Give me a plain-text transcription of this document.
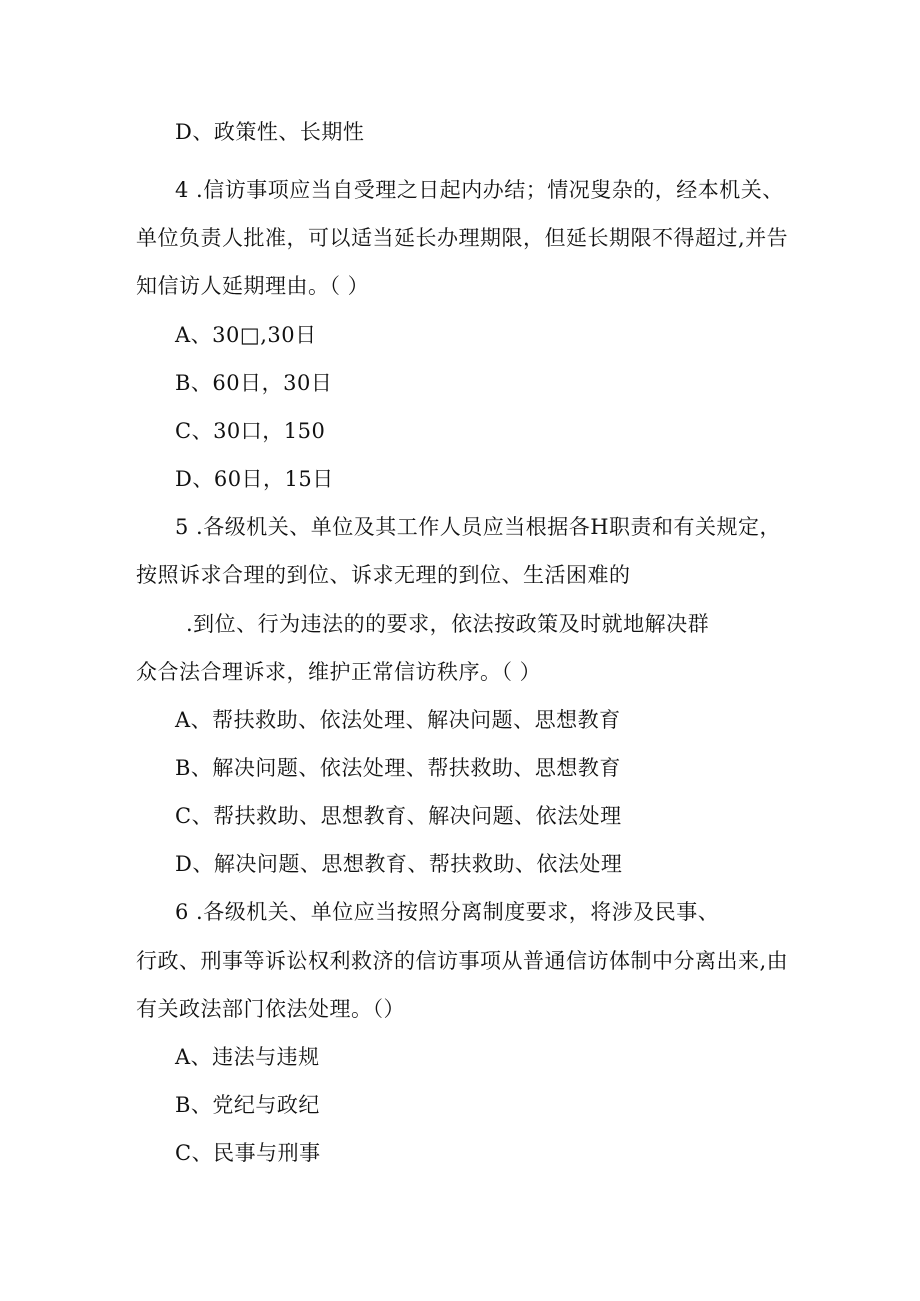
D、政策性、长期性
4 .信访事项应当自受理之日起内办结；情况叟杂的，经本机关、
单位负责人批准，可以适当延长办理期限，但延长期限不得超过,并告
知信访人延期理由。（ ）
A、30□,30日
B、60日，30日
C、30口，150
D、60日，15日
5 .各级机关、单位及其工作人员应当根据各H职责和有关规定，
按照诉求合理的到位、诉求无理的到位、生活困难的
.到位、行为违法的的要求，依法按政策及时就地解决群
众合法合理诉求，维护正常信访秩序。（ ）
A、帮扶救助、依法处理、解决问题、思想教育
B、解决问题、依法处理、帮扶救助、思想教育
C、帮扶救助、思想教育、解决问题、依法处理
D、解决问题、思想教育、帮扶救助、依法处理
6 .各级机关、单位应当按照分离制度要求，将涉及民事、
行政、刑事等诉讼权利救济的信访事项从普通信访体制中分离出来,由
有关政法部门依法处理。（）
A、违法与违规
B、党纪与政纪
C、民事与刑事
